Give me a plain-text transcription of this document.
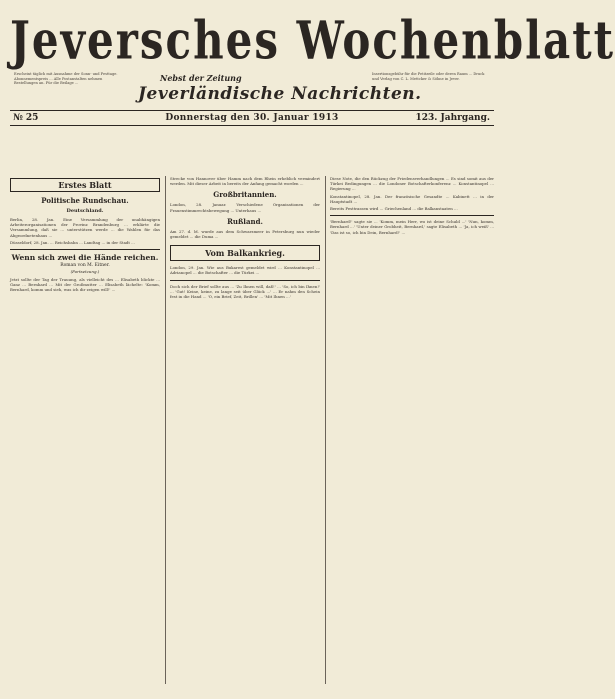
Jeversches Wochenblatt
Erscheint täglich mit Ausnahme der Sonn- und Festtage. Abonnementspreis ... Alle Postanstalten nehmen Bestellungen an. Für die Beilage ...
Nebst der Zeitung
Jeverländische Nachrichten.
Insertionsgebühr für die Petitzeile oder deren Raum ... Druck und Verlag von C. L. Mettcker & Söhne in Jever.
№ 25	Donnerstag den 30. Januar 1913	123. Jahrgang.
Erstes Blatt
Politische Rundschau.
Deutschland.

Berlin, 28. Jan. Eine Versammlung der unabhängigen Arbeiterorganisationen der Provinz Brandenburg ... erklärte die Versammlung, daß sie ... unterstützen werde ... die Wahlen für das Abgeordnetenhaus ...

Düsseldorf, 28. Jan. ... Reichsbahn ... Landtag ... in der Stadt ...

Wenn sich zwei die Hände reichen.
Roman von M. Eitner.
(Fortsetzung.)

Jetzt sollte der Tag der Trauung, als vielleicht des ... Elisabeth blickte ... Ganz ... Bernhard ... Mit der Großmutter ... Elisabeth lächelte: 'Komm, Bernhard, komm und sieh, was ich dir zeigen will!' ...

Strecke von Hannover über Hamm nach dem Rhein erheblich vermindert werden. Mit dieser Arbeit in bereits der Anfang gemacht worden ...

Großbritannien.

London, 28. Januar. Verschiedene Organisationen der Frauenstimmrechtsbewegung ... Unterhaus ...

Rußland.

Am 27. d. M. wurde aus dem Schwarzmeer in Petersburg nun wieder gemeldet ... die Duma ...

Vom Balkankrieg.

London, 29. Jan. Wie aus Bukarest gemeldet wird ... Konstantinopel ... Adrianopel ... die Botschafter ... die Türkei ...

Doch sich der Brief sollte aus ... 'Zu Ihnen will, daß!' ... 'So, ich bin Ihnen!' ... 'Gut! Keine, keine, zu lange seit über Glück ...' ... Er nahm den Schein fest in die Hand ... 'O, ein Brief, Zeit, Brillen' ... 'Mit Ihnen ...'

Diese Note, die den Rückzug der Friedensverhandlungen ... Es sind somit aus der Türkei Bedingungen ... die Londoner Botschafterkonferenz ... Konstantinopel ... Regierung ...

Konstantinopel, 28. Jan. Der französische Gesandte ... Kabinett ... in der Hauptstadt ...

Bereits Festtrassen wird ... Griechenland ... die Balkanstaaten ...

'Bernhard!' sagte sie ... 'Komm, mein Herr, wo ist deine Schuld ...' 'Nun, komm, Bernhard ...' 'Unter deiner Grobheit, Bernhard,' sagte Elisabeth ... 'Ja, ich weiß' ... 'Das ist so, ich bin Dein, Bernhard!' ...
